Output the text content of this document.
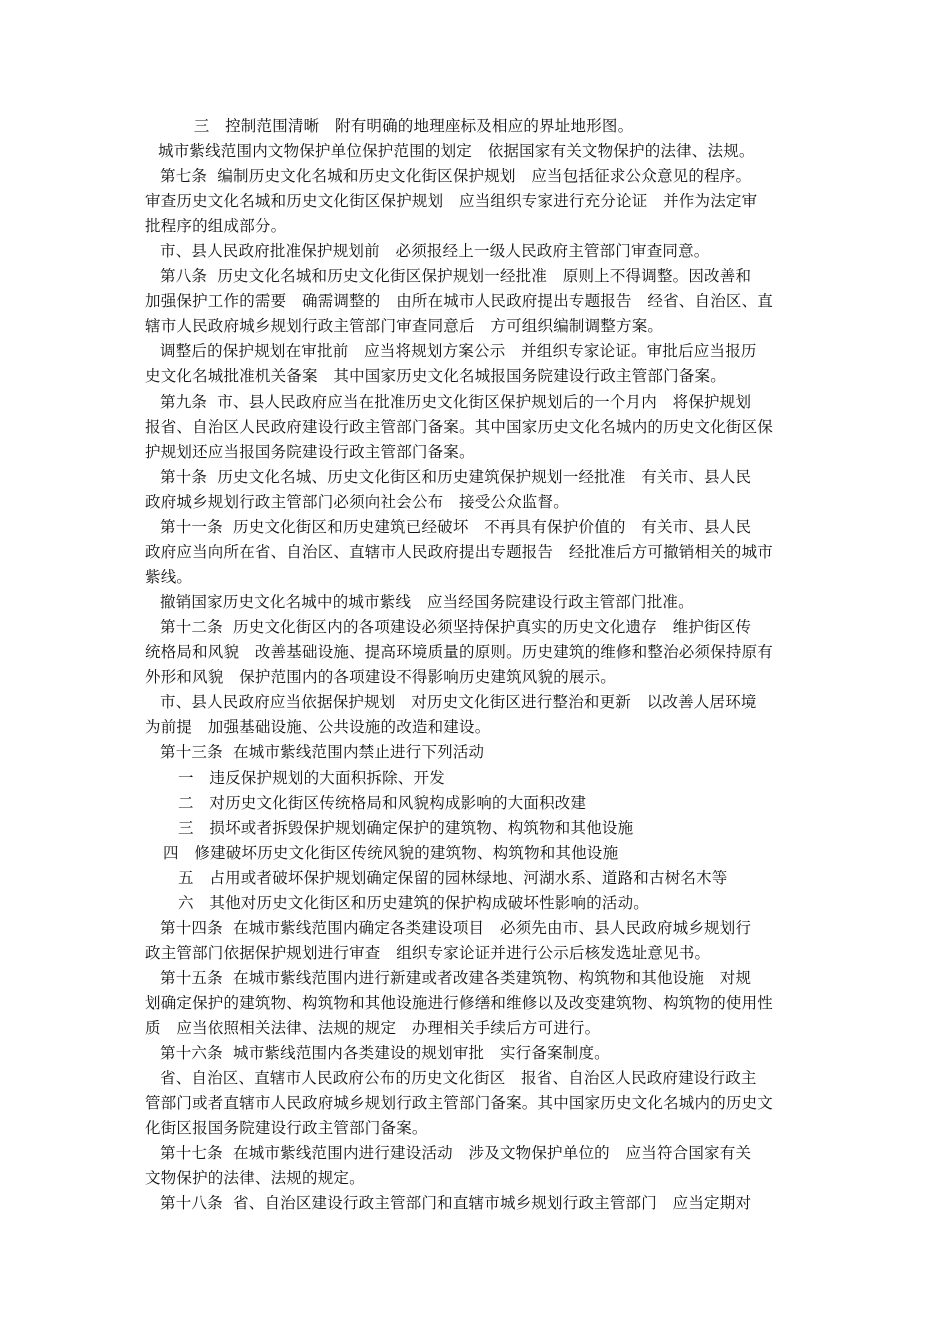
　三　控制范围清晰　附有明确的地理座标及相应的界址地形图。
城市紫线范围内文物保护单位保护范围的划定　依据国家有关文物保护的法律、法规。
第七条  编制历史文化名城和历史文化街区保护规划　应当包括征求公众意见的程序。
审查历史文化名城和历史文化街区保护规划　应当组织专家进行充分论证　并作为法定审
批程序的组成部分。
市、县人民政府批准保护规划前　必须报经上一级人民政府主管部门审查同意。
第八条  历史文化名城和历史文化街区保护规划一经批准　原则上不得调整。因改善和
加强保护工作的需要　确需调整的　由所在城市人民政府提出专题报告　经省、自治区、直
辖市人民政府城乡规划行政主管部门审查同意后　方可组织编制调整方案。
调整后的保护规划在审批前　应当将规划方案公示　并组织专家论证。审批后应当报历
史文化名城批准机关备案　其中国家历史文化名城报国务院建设行政主管部门备案。
第九条  市、县人民政府应当在批准历史文化街区保护规划后的一个月内　将保护规划
报省、自治区人民政府建设行政主管部门备案。其中国家历史文化名城内的历史文化街区保
护规划还应当报国务院建设行政主管部门备案。
第十条  历史文化名城、历史文化街区和历史建筑保护规划一经批准　有关市、县人民
政府城乡规划行政主管部门必须向社会公布　接受公众监督。
第十一条  历史文化街区和历史建筑已经破坏　不再具有保护价值的　有关市、县人民
政府应当向所在省、自治区、直辖市人民政府提出专题报告　经批准后方可撤销相关的城市
紫线。
撤销国家历史文化名城中的城市紫线　应当经国务院建设行政主管部门批准。
第十二条  历史文化街区内的各项建设必须坚持保护真实的历史文化遗存　维护街区传
统格局和风貌　改善基础设施、提高环境质量的原则。历史建筑的维修和整治必须保持原有
外形和风貌　保护范围内的各项建设不得影响历史建筑风貌的展示。
市、县人民政府应当依据保护规划　对历史文化街区进行整治和更新　以改善人居环境
为前提　加强基础设施、公共设施的改造和建设。
第十三条  在城市紫线范围内禁止进行下列活动
一　违反保护规划的大面积拆除、开发
二　对历史文化街区传统格局和风貌构成影响的大面积改建
三　损坏或者拆毁保护规划确定保护的建筑物、构筑物和其他设施
四　修建破坏历史文化街区传统风貌的建筑物、构筑物和其他设施
五　占用或者破坏保护规划确定保留的园林绿地、河湖水系、道路和古树名木等
六　其他对历史文化街区和历史建筑的保护构成破坏性影响的活动。
第十四条  在城市紫线范围内确定各类建设项目　必须先由市、县人民政府城乡规划行
政主管部门依据保护规划进行审查　组织专家论证并进行公示后核发选址意见书。
第十五条  在城市紫线范围内进行新建或者改建各类建筑物、构筑物和其他设施　对规
划确定保护的建筑物、构筑物和其他设施进行修缮和维修以及改变建筑物、构筑物的使用性
质　应当依照相关法律、法规的规定　办理相关手续后方可进行。
第十六条  城市紫线范围内各类建设的规划审批　实行备案制度。
省、自治区、直辖市人民政府公布的历史文化街区　报省、自治区人民政府建设行政主
管部门或者直辖市人民政府城乡规划行政主管部门备案。其中国家历史文化名城内的历史文
化街区报国务院建设行政主管部门备案。
第十七条  在城市紫线范围内进行建设活动　涉及文物保护单位的　应当符合国家有关
文物保护的法律、法规的规定。
第十八条  省、自治区建设行政主管部门和直辖市城乡规划行政主管部门　应当定期对
